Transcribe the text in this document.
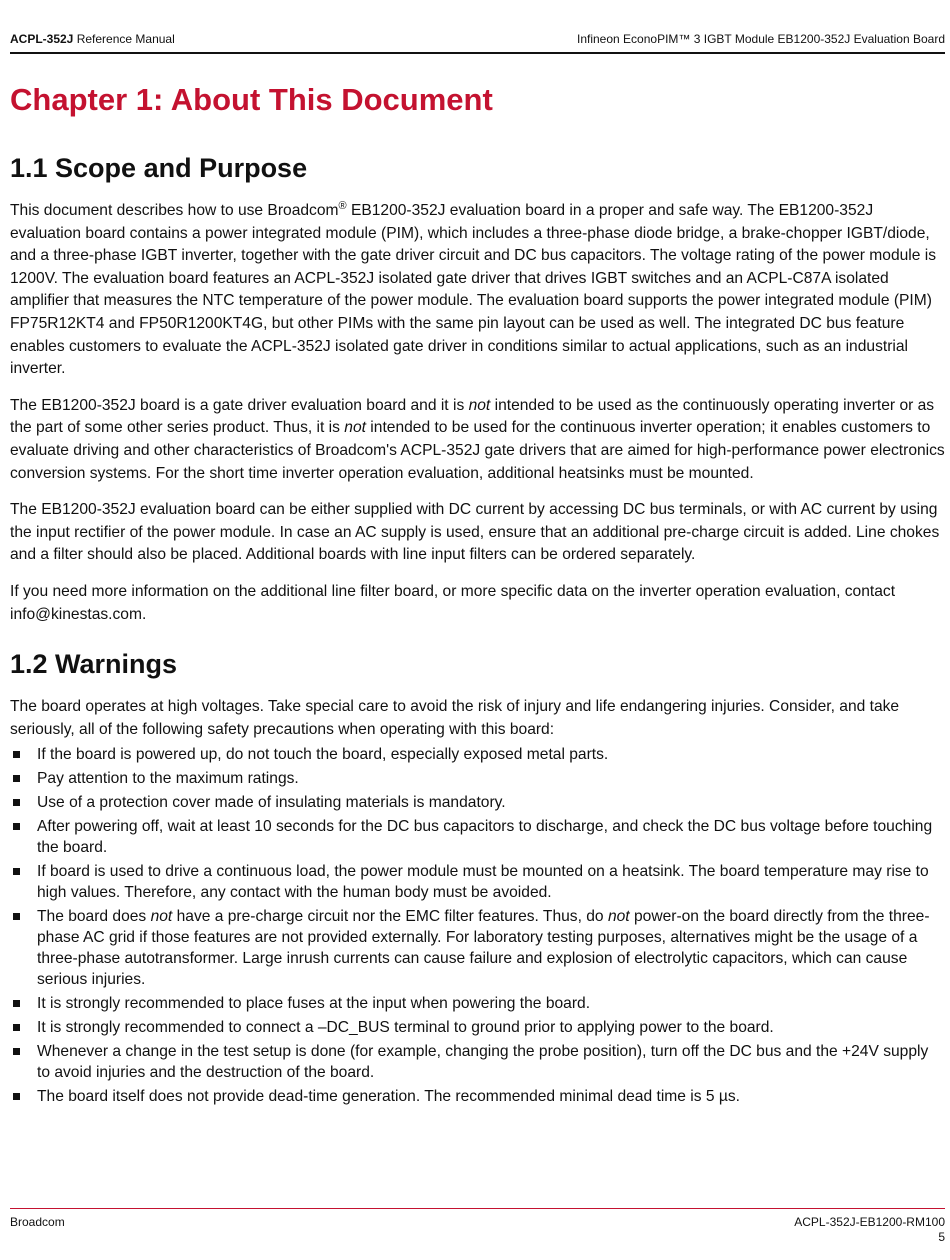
ACPL-352J Reference Manual	Infineon EconoPIM™ 3 IGBT Module EB1200-352J Evaluation Board
Chapter 1: About This Document
1.1 Scope and Purpose

This document describes how to use Broadcom® EB1200-352J evaluation board in a proper and safe way. The EB1200-352J evaluation board contains a power integrated module (PIM), which includes a three-phase diode bridge, a brake-chopper IGBT/diode, and a three-phase IGBT inverter, together with the gate driver circuit and DC bus capacitors. The voltage rating of the power module is 1200V. The evaluation board features an ACPL-352J isolated gate driver that drives IGBT switches and an ACPL-C87A isolated amplifier that measures the NTC temperature of the power module. The evaluation board supports the power integrated module (PIM) FP75R12KT4 and FP50R1200KT4G, but other PIMs with the same pin layout can be used as well. The integrated DC bus feature enables customers to evaluate the ACPL-352J isolated gate driver in conditions similar to actual applications, such as an industrial inverter.

The EB1200-352J board is a gate driver evaluation board and it is not intended to be used as the continuously operating inverter or as the part of some other series product. Thus, it is not intended to be used for the continuous inverter operation; it enables customers to evaluate driving and other characteristics of Broadcom's ACPL-352J gate drivers that are aimed for high-performance power electronics conversion systems. For the short time inverter operation evaluation, additional heatsinks must be mounted.

The EB1200-352J evaluation board can be either supplied with DC current by accessing DC bus terminals, or with AC current by using the input rectifier of the power module. In case an AC supply is used, ensure that an additional pre-charge circuit is added. Line chokes and a filter should also be placed. Additional boards with line input filters can be ordered separately.

If you need more information on the additional line filter board, or more specific data on the inverter operation evaluation, contact info@kinestas.com.

1.2 Warnings

The board operates at high voltages. Take special care to avoid the risk of injury and life endangering injuries. Consider, and take seriously, all of the following safety precautions when operating with this board:

If the board is powered up, do not touch the board, especially exposed metal parts.
Pay attention to the maximum ratings.
Use of a protection cover made of insulating materials is mandatory.
After powering off, wait at least 10 seconds for the DC bus capacitors to discharge, and check the DC bus voltage before touching the board.
If board is used to drive a continuous load, the power module must be mounted on a heatsink. The board temperature may rise to high values. Therefore, any contact with the human body must be avoided.
The board does not have a pre-charge circuit nor the EMC filter features. Thus, do not power-on the board directly from the three-phase AC grid if those features are not provided externally. For laboratory testing purposes, alternatives might be the usage of a three-phase autotransformer. Large inrush currents can cause failure and explosion of electrolytic capacitors, which can cause serious injuries.
It is strongly recommended to place fuses at the input when powering the board.
It is strongly recommended to connect a –DC_BUS terminal to ground prior to applying power to the board.
Whenever a change in the test setup is done (for example, changing the probe position), turn off the DC bus and the +24V supply to avoid injuries and the destruction of the board.
The board itself does not provide dead-time generation. The recommended minimal dead time is 5 µs.
Broadcom	ACPL-352J-EB1200-RM100
5
